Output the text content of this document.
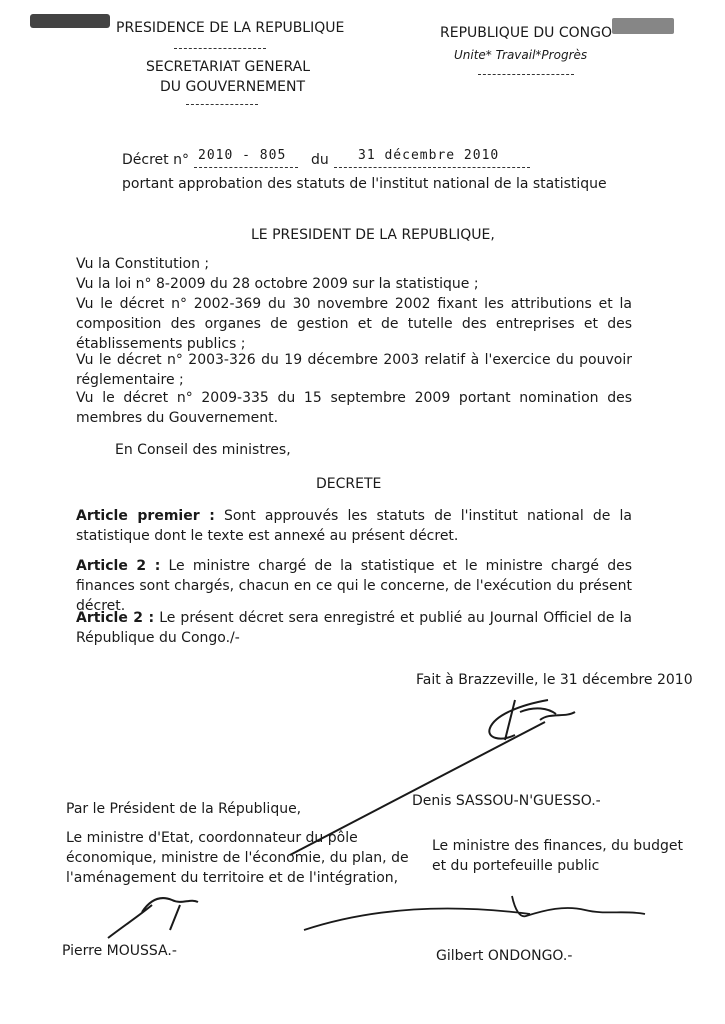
PRESIDENCE DE LA REPUBLIQUE
SECRETARIAT GENERAL
DU GOUVERNEMENT
REPUBLIQUE DU CONGO
Unite* Travail*Progrès
Décret n° 2010 - 805 du 31 décembre 2010
portant approbation des statuts de l'institut national de la statistique
LE PRESIDENT DE LA REPUBLIQUE,
Vu la Constitution ;
Vu la loi n° 8-2009 du 28 octobre 2009 sur la statistique ;
Vu le décret n° 2002-369 du 30 novembre 2002 fixant les attributions et la composition des organes de gestion et de tutelle des entreprises et des établissements publics ;
Vu le décret n° 2003-326 du 19 décembre 2003 relatif à l'exercice du pouvoir réglementaire ;
Vu le décret n° 2009-335 du 15 septembre 2009 portant nomination des membres du Gouvernement.
En Conseil des ministres,
DECRETE
Article premier : Sont approuvés les statuts de l'institut national de la statistique dont le texte est annexé au présent décret.
Article 2 : Le ministre chargé de la statistique et le ministre chargé des finances sont chargés, chacun en ce qui le concerne, de l'exécution du présent décret.
Article 2 : Le présent décret sera enregistré et publié au Journal Officiel de la République du Congo./-
Fait à Brazzeville, le 31 décembre 2010
Denis SASSOU-N'GUESSO.-
Par le Président de la République,
Le ministre d'Etat, coordonnateur du pôle
économique, ministre de l'économie, du plan, de
l'aménagement du territoire et de l'intégration,
Le ministre des finances, du budget
et du portefeuille public
Pierre MOUSSA.-	Gilbert ONDONGO.-
